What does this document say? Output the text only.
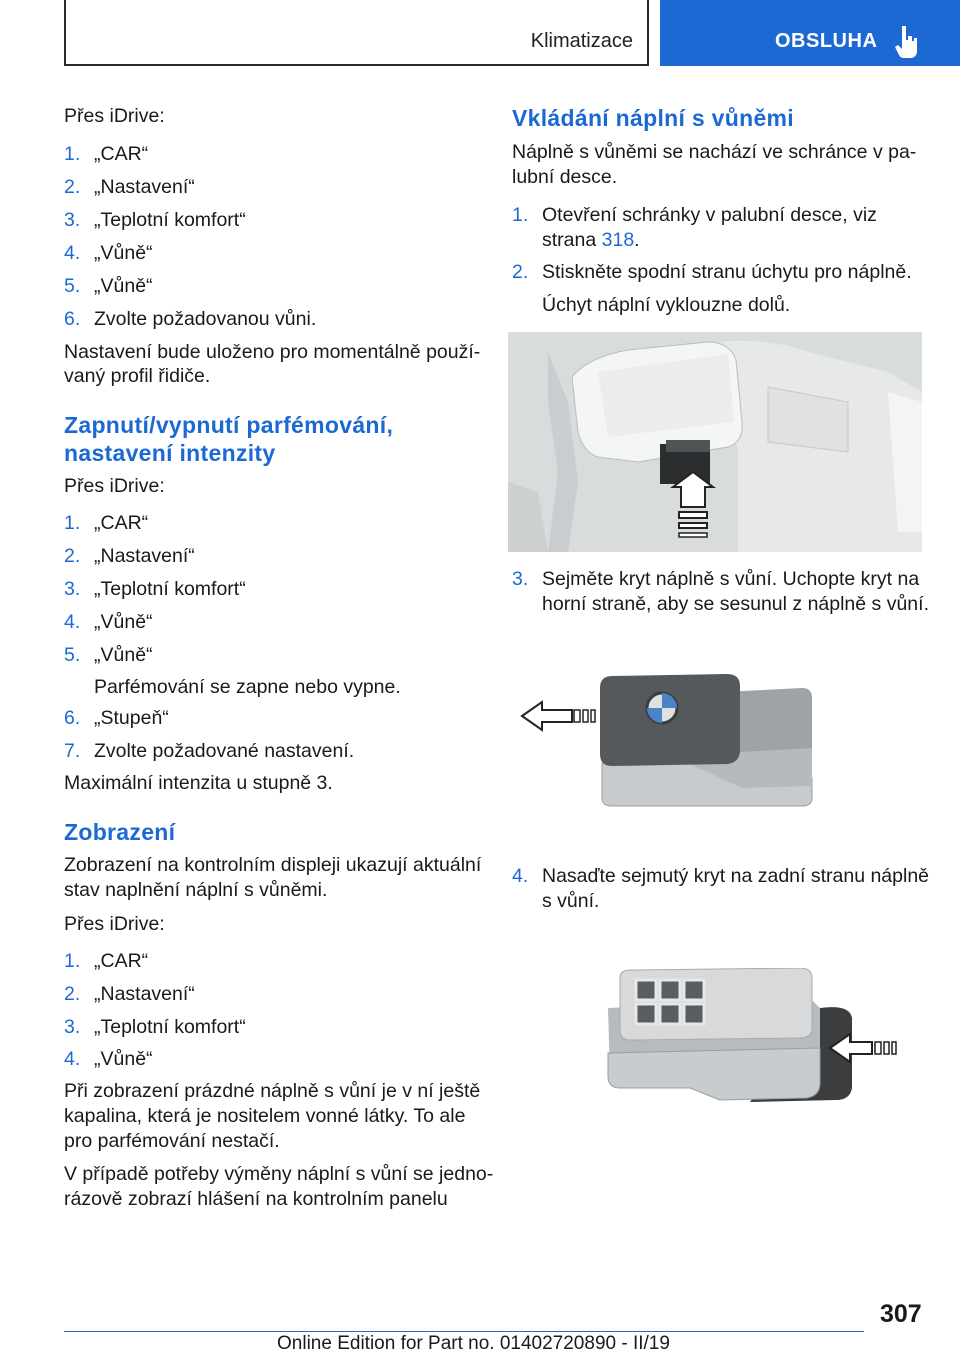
Klimatizace	OBSLUHA
Přes iDrive:
1. „CAR“
2. „Nastavení“
3. „Teplotní komfort“
4. „Vůně“
5. „Vůně“
6. Zvolte požadovanou vůni.
Nastavení bude uloženo pro momentálně použí-
vaný profil řidiče.
Zapnutí/vypnutí parfémování,
nastavení intenzity
Přes iDrive:
1. „CAR“
2. „Nastavení“
3. „Teplotní komfort“
4. „Vůně“
5. „Vůně“
Parfémování se zapne nebo vypne.
6. „Stupeň“
7. Zvolte požadované nastavení.
Maximální intenzita u stupně 3.
Zobrazení
Zobrazení na kontrolním displeji ukazují aktuální
stav naplnění náplní s vůněmi.
Přes iDrive:
1. „CAR“
2. „Nastavení“
3. „Teplotní komfort“
4. „Vůně“
Při zobrazení prázdné náplně s vůní je v ní ještě
kapalina, která je nositelem vonné látky. To ale
pro parfémování nestačí.
V případě potřeby výměny náplní s vůní se jedno-
rázově zobrazí hlášení na kontrolním panelu
Vkládání náplní s vůněmi
Náplně s vůněmi se nachází ve schránce v pa-
lubní desce.
1. Otevření schránky v palubní desce, viz
strana 318.
2. Stiskněte spodní stranu úchytu pro náplně.
Úchyt náplní vyklouzne dolů.
3. Sejměte kryt náplně s vůní. Uchopte kryt na
horní straně, aby se sesunul z náplně s vůní.
4. Nasaďte sejmutý kryt na zadní stranu náplně
s vůní.
307
Online Edition for Part no. 01402720890 - II/19
